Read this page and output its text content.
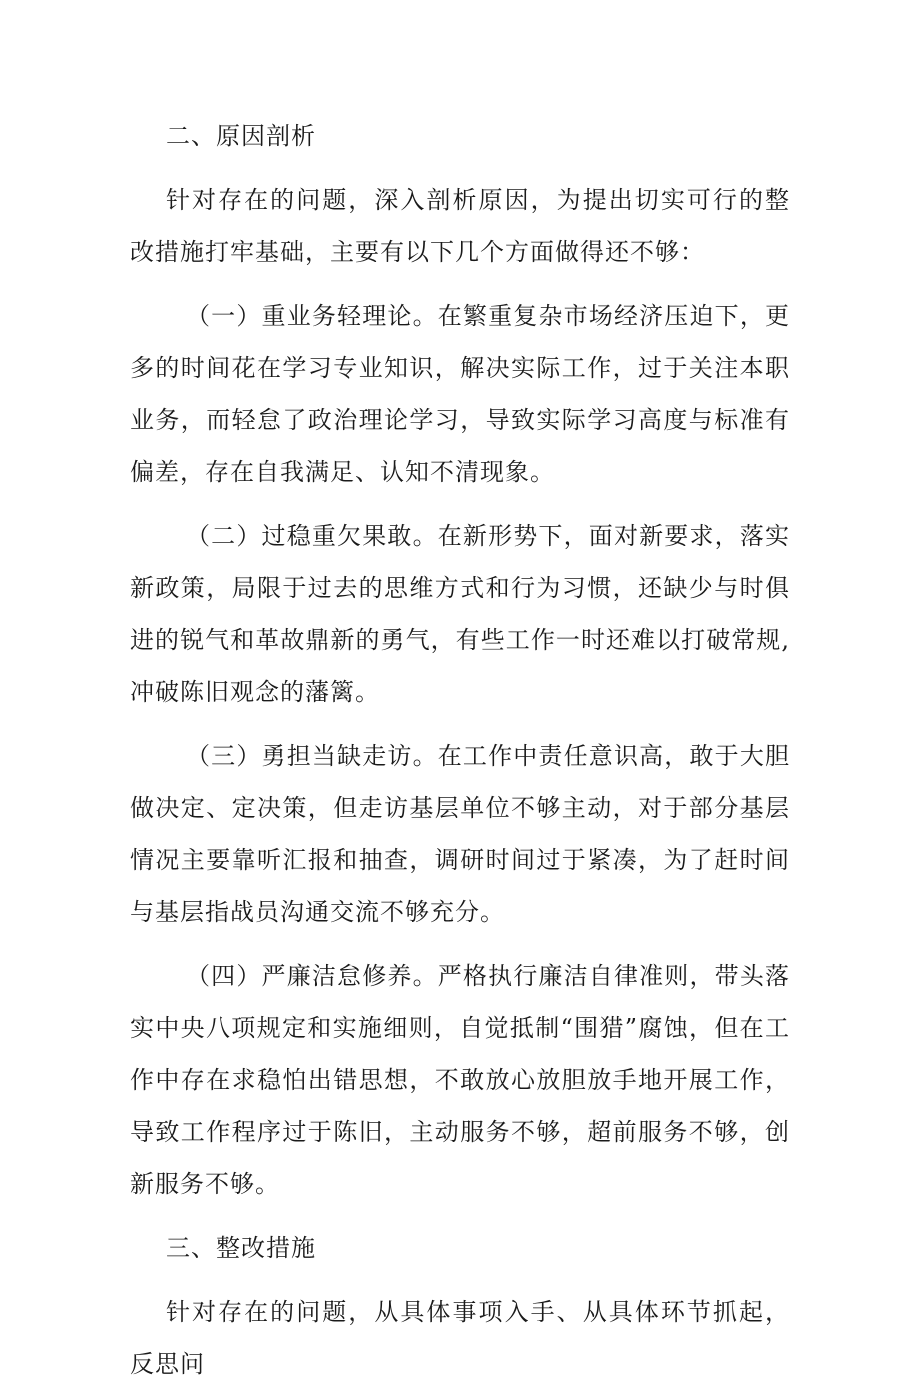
二、原因剖析

针对存在的问题，深入剖析原因，为提出切实可行的整改措施打牢基础，主要有以下几个方面做得还不够：

（一）重业务轻理论。在繁重复杂市场经济压迫下，更多的时间花在学习专业知识，解决实际工作，过于关注本职业务，而轻怠了政治理论学习，导致实际学习高度与标准有偏差，存在自我满足、认知不清现象。

（二）过稳重欠果敢。在新形势下，面对新要求，落实新政策，局限于过去的思维方式和行为习惯，还缺少与时俱进的锐气和革故鼎新的勇气，有些工作一时还难以打破常规,冲破陈旧观念的藩篱。

（三）勇担当缺走访。在工作中责任意识高，敢于大胆做决定、定决策，但走访基层单位不够主动，对于部分基层情况主要靠听汇报和抽查，调研时间过于紧凑，为了赶时间与基层指战员沟通交流不够充分。

（四）严廉洁怠修养。严格执行廉洁自律准则，带头落实中央八项规定和实施细则，自觉抵制“围猎”腐蚀，但在工作中存在求稳怕出错思想，不敢放心放胆放手地开展工作，导致工作程序过于陈旧，主动服务不够，超前服务不够，创新服务不够。

三、整改措施

针对存在的问题，从具体事项入手、从具体环节抓起，反思问
